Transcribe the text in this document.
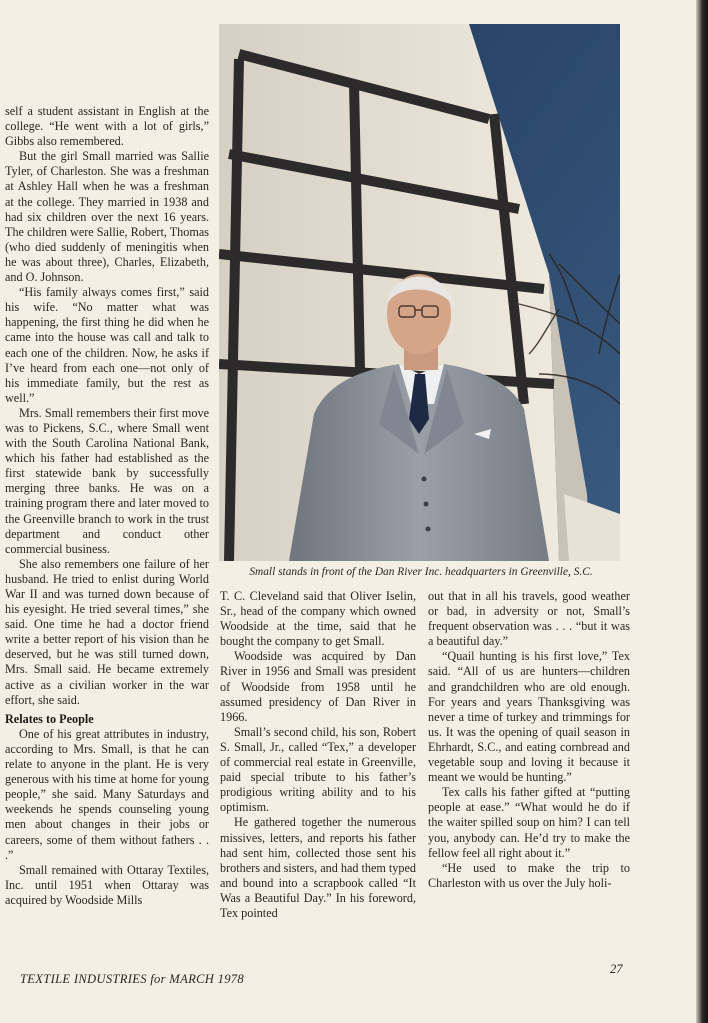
self a student assistant in English at the college. “He went with a lot of girls,” Gibbs also remembered.

But the girl Small married was Sallie Tyler, of Charleston. She was a freshman at Ashley Hall when he was a freshman at the college. They married in 1938 and had six children over the next 16 years. The children were Sallie, Robert, Thomas (who died suddenly of meningitis when he was about three), Charles, Elizabeth, and O. Johnson.

“His family always comes first,” said his wife. “No matter what was happening, the first thing he did when he came into the house was call and talk to each one of the children. Now, he asks if I’ve heard from each one—not only of his immediate family, but the rest as well.”

Mrs. Small remembers their first move was to Pickens, S.C., where Small went with the South Carolina National Bank, which his father had established as the first statewide bank by successfully merging three banks. He was on a training program there and later moved to the Greenville branch to work in the trust department and conduct other commercial business.

She also remembers one failure of her husband. He tried to enlist during World War II and was turned down because of his eyesight. He tried several times,” she said. One time he had a doctor friend write a better report of his vision than he deserved, but he was still turned down, Mrs. Small said. He became extremely active as a civilian worker in the war effort, she said.

Relates to People

One of his great attributes in industry, according to Mrs. Small, is that he can relate to anyone in the plant. He is very generous with his time at home for young people,” she said. Many Saturdays and weekends he spends counseling young men about changes in their jobs or careers, some of them without fathers . . .”

Small remained with Ottaray Textiles, Inc. until 1951 when Ottaray was acquired by Woodside Mills

Small stands in front of the Dan River Inc. headquarters in Greenville, S.C.

T. C. Cleveland said that Oliver Iselin, Sr., head of the company which owned Woodside at the time, said that he bought the company to get Small.

Woodside was acquired by Dan River in 1956 and Small was president of Woodside from 1958 until he assumed presidency of Dan River in 1966.

Small’s second child, his son, Robert S. Small, Jr., called “Tex,” a developer of commercial real estate in Greenville, paid special tribute to his father’s prodigious writing ability and to his optimism.

He gathered together the numerous missives, letters, and reports his father had sent him, collected those sent his brothers and sisters, and had them typed and bound into a scrapbook called “It Was a Beautiful Day.” In his foreword, Tex pointed

out that in all his travels, good weather or bad, in adversity or not, Small’s frequent observation was . . . “but it was a beautiful day.”

“Quail hunting is his first love,” Tex said. “All of us are hunters—children and grandchildren who are old enough. For years and years Thanksgiving was never a time of turkey and trimmings for us. It was the opening of quail season in Ehrhardt, S.C., and eating cornbread and vegetable soup and loving it because it meant we would be hunting.”

Tex calls his father gifted at “putting people at ease.” “What would he do if the waiter spilled soup on him? I can tell you, anybody can. He’d try to make the fellow feel all right about it.”

“He used to make the trip to Charleston with us over the July holi-

TEXTILE INDUSTRIES for MARCH 1978
27
